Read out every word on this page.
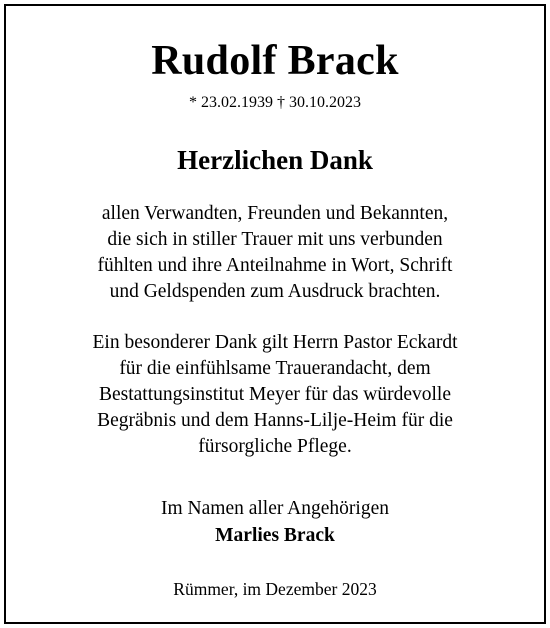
Rudolf Brack
* 23.02.1939 † 30.10.2023
Herzlichen Dank
allen Verwandten, Freunden und Bekannten,
die sich in stiller Trauer mit uns verbunden
fühlten und ihre Anteilnahme in Wort, Schrift
und Geldspenden zum Ausdruck brachten.
Ein besonderer Dank gilt Herrn Pastor Eckardt
für die einfühlsame Trauerandacht, dem
Bestattungsinstitut Meyer für das würdevolle
Begräbnis und dem Hanns-Lilje-Heim für die
fürsorgliche Pflege.
Im Namen aller Angehörigen
Marlies Brack
Rümmer, im Dezember 2023
